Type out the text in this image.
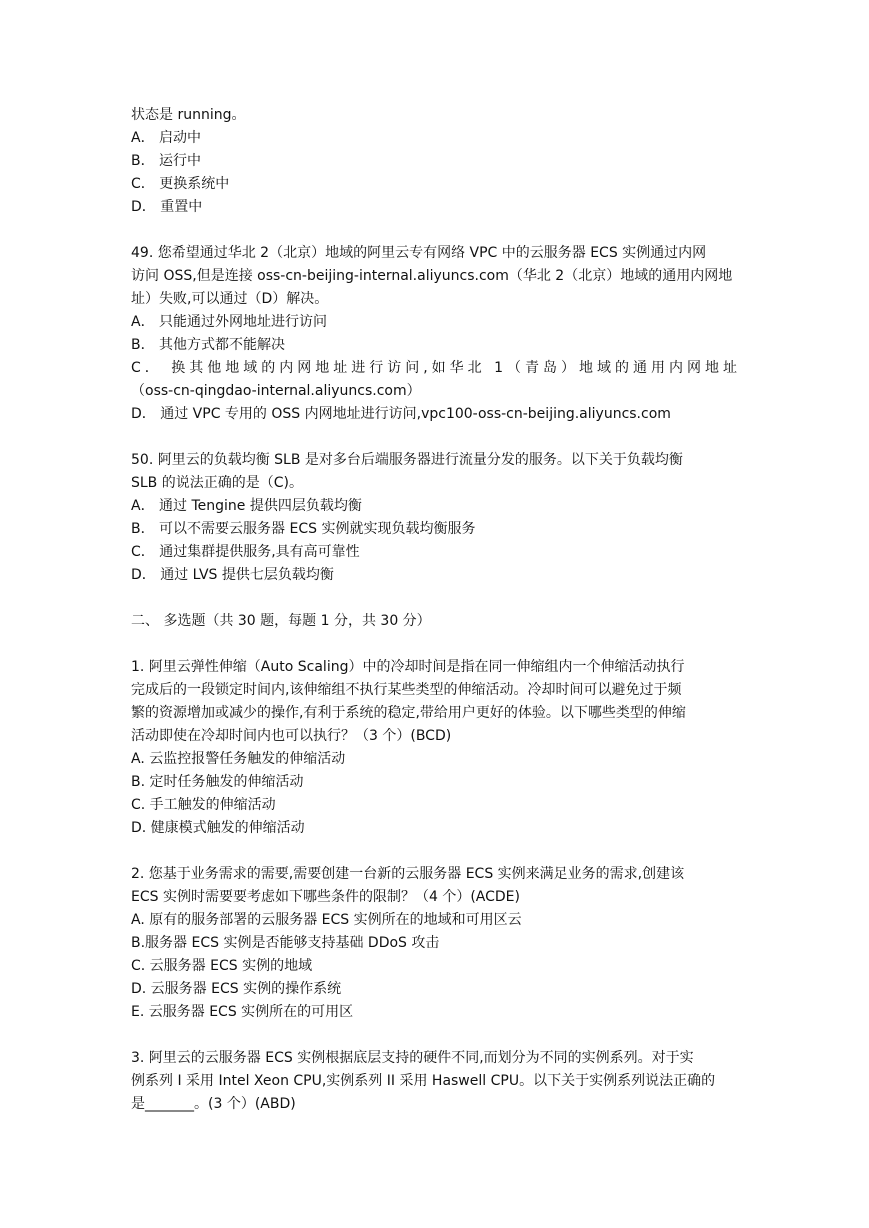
状态是 running。
A． 启动中
B． 运行中
C． 更换系统中
D． 重置中
49. 您希望通过华北 2（北京）地域的阿里云专有网络 VPC 中的云服务器 ECS 实例通过内网
访问 OSS,但是连接 oss-cn-beijing-internal.aliyuncs.com（华北 2（北京）地域的通用内网地
址）失败,可以通过（D）解决。
A． 只能通过外网地址进行访问
B． 其他方式都不能解决
C． 换其他地域的内网地址进行访问,如华北 1（青岛）地域的通用内网地址
（oss-cn-qingdao-internal.aliyuncs.com）
D． 通过 VPC 专用的 OSS 内网地址进行访问,vpc100-oss-cn-beijing.aliyuncs.com
50. 阿里云的负载均衡 SLB 是对多台后端服务器进行流量分发的服务。以下关于负载均衡
SLB 的说法正确的是（C)。
A． 通过 Tengine 提供四层负载均衡
B． 可以不需要云服务器 ECS 实例就实现负载均衡服务
C． 通过集群提供服务,具有高可靠性
D． 通过 LVS 提供七层负载均衡
二、 多选题（共 30 题，每题 1 分，共 30 分）
1. 阿里云弹性伸缩（Auto Scaling）中的冷却时间是指在同一伸缩组内一个伸缩活动执行
完成后的一段锁定时间内,该伸缩组不执行某些类型的伸缩活动。冷却时间可以避免过于频
繁的资源增加或减少的操作,有利于系统的稳定,带给用户更好的体验。以下哪些类型的伸缩
活动即使在冷却时间内也可以执行？（3 个）(BCD)
A. 云监控报警任务触发的伸缩活动
B. 定时任务触发的伸缩活动
C. 手工触发的伸缩活动
D. 健康模式触发的伸缩活动
2. 您基于业务需求的需要,需要创建一台新的云服务器 ECS 实例来满足业务的需求,创建该
ECS 实例时需要要考虑如下哪些条件的限制？（4 个）(ACDE)
A. 原有的服务部署的云服务器 ECS 实例所在的地域和可用区云
B.服务器 ECS 实例是否能够支持基础 DDoS 攻击
C. 云服务器 ECS 实例的地域
D. 云服务器 ECS 实例的操作系统
E. 云服务器 ECS 实例所在的可用区
3. 阿里云的云服务器 ECS 实例根据底层支持的硬件不同,而划分为不同的实例系列。对于实
例系列 I 采用 Intel Xeon CPU,实例系列 II 采用 Haswell CPU。以下关于实例系列说法正确的
是_______。(3 个）(ABD)
